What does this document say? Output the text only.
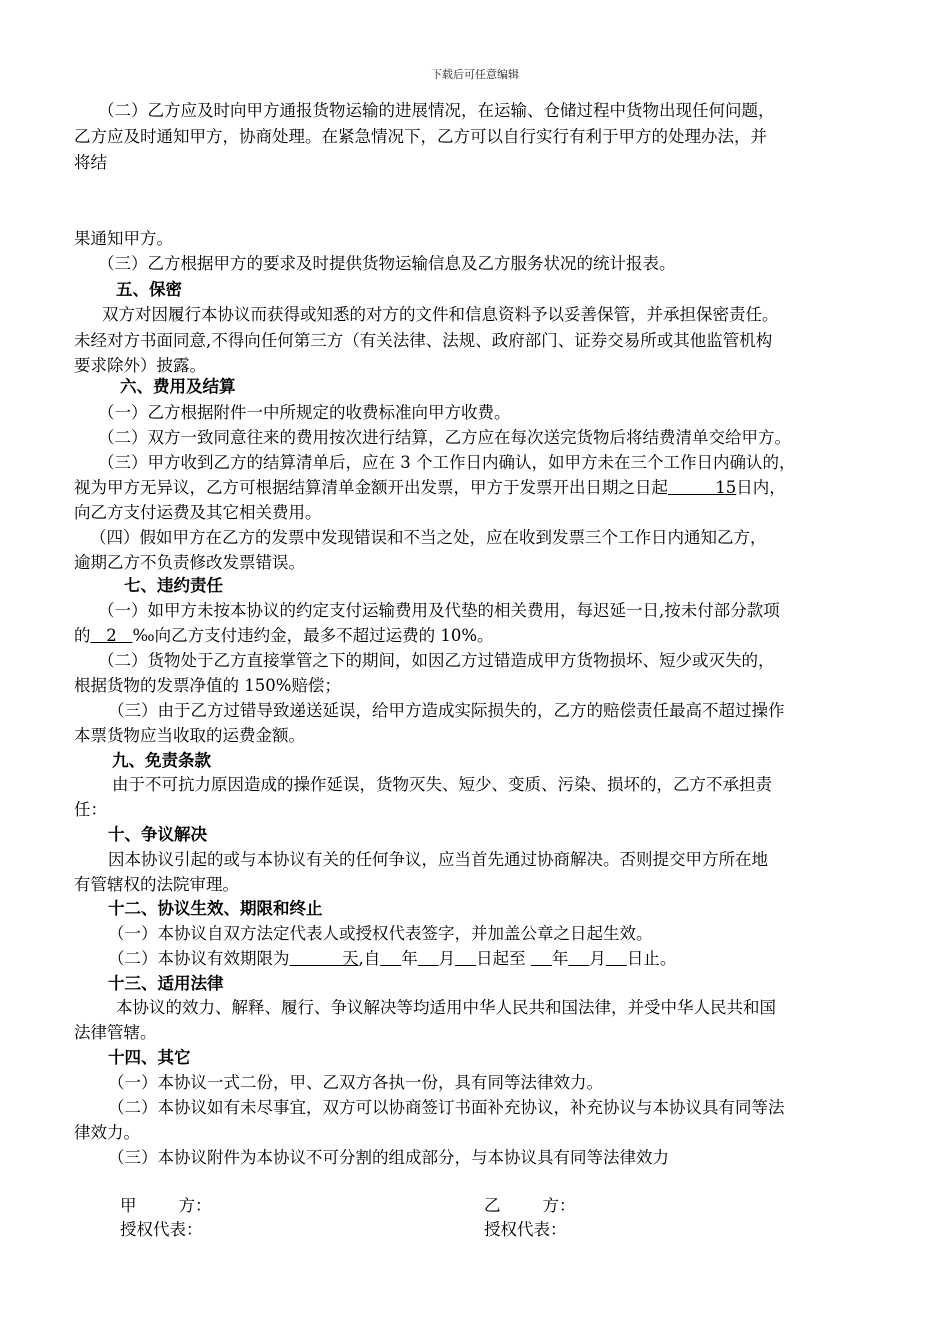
下载后可任意编辑
（二）乙方应及时向甲方通报货物运输的进展情况，在运输、仓储过程中货物出现任何问题，
乙方应及时通知甲方，协商处理。在紧急情况下，乙方可以自行实行有利于甲方的处理办法，并
将结
果通知甲方。
（三）乙方根据甲方的要求及时提供货物运输信息及乙方服务状况的统计报表。
五、保密
双方对因履行本协议而获得或知悉的对方的文件和信息资料予以妥善保管，并承担保密责任。
未经对方书面同意,不得向任何第三方（有关法律、法规、政府部门、证券交易所或其他监管机构
要求除外）披露。
六、费用及结算
（一）乙方根据附件一中所规定的收费标准向甲方收费。
（二）双方一致同意往来的费用按次进行结算，乙方应在每次送完货物后将结费清单交给甲方。
（三）甲方收到乙方的结算清单后，应在 3 个工作日内确认，如甲方未在三个工作日内确认的，
视为甲方无异议，乙方可根据结算清单金额开出发票，甲方于发票开出日期之日起	15日内，
向乙方支付运费及其它相关费用。
（四）假如甲方在乙方的发票中发现错误和不当之处，应在收到发票三个工作日内通知乙方，
逾期乙方不负责修改发票错误。
七、违约责任
（一）如甲方未按本协议的约定支付运输费用及代垫的相关费用，每迟延一日,按未付部分款项
的 2 ‰向乙方支付违约金，最多不超过运费的 10%。
（二）货物处于乙方直接掌管之下的期间，如因乙方过错造成甲方货物损坏、短少或灭失的，
根据货物的发票净值的 150%赔偿；
（三）由于乙方过错导致递送延误，给甲方造成实际损失的，乙方的赔偿责任最高不超过操作
本票货物应当收取的运费金额。
九、免责条款
由于不可抗力原因造成的操作延误，货物灭失、短少、变质、污染、损坏的，乙方不承担责
任：
十、争议解决
因本协议引起的或与本协议有关的任何争议，应当首先通过协商解决。否则提交甲方所在地
有管辖权的法院审理。
十二、协议生效、期限和终止
（一）本协议自双方法定代表人或授权代表签字，并加盖公章之日起生效。
（二）本协议有效期限为	天,自 年 月 日起至     年 月 日止。
十三、适用法律
本协议的效力、解释、履行、争议解决等均适用中华人民共和国法律，并受中华人民共和国
法律管辖。
十四、其它
（一）本协议一式二份，甲、乙双方各执一份，具有同等法律效力。
（二）本协议如有未尽事宜，双方可以协商签订书面补充协议，补充协议与本协议具有同等法
律效力。
（三）本协议附件为本协议不可分割的组成部分，与本协议具有同等法律效力
甲        方：
授权代表：
乙        方：
授权代表：
